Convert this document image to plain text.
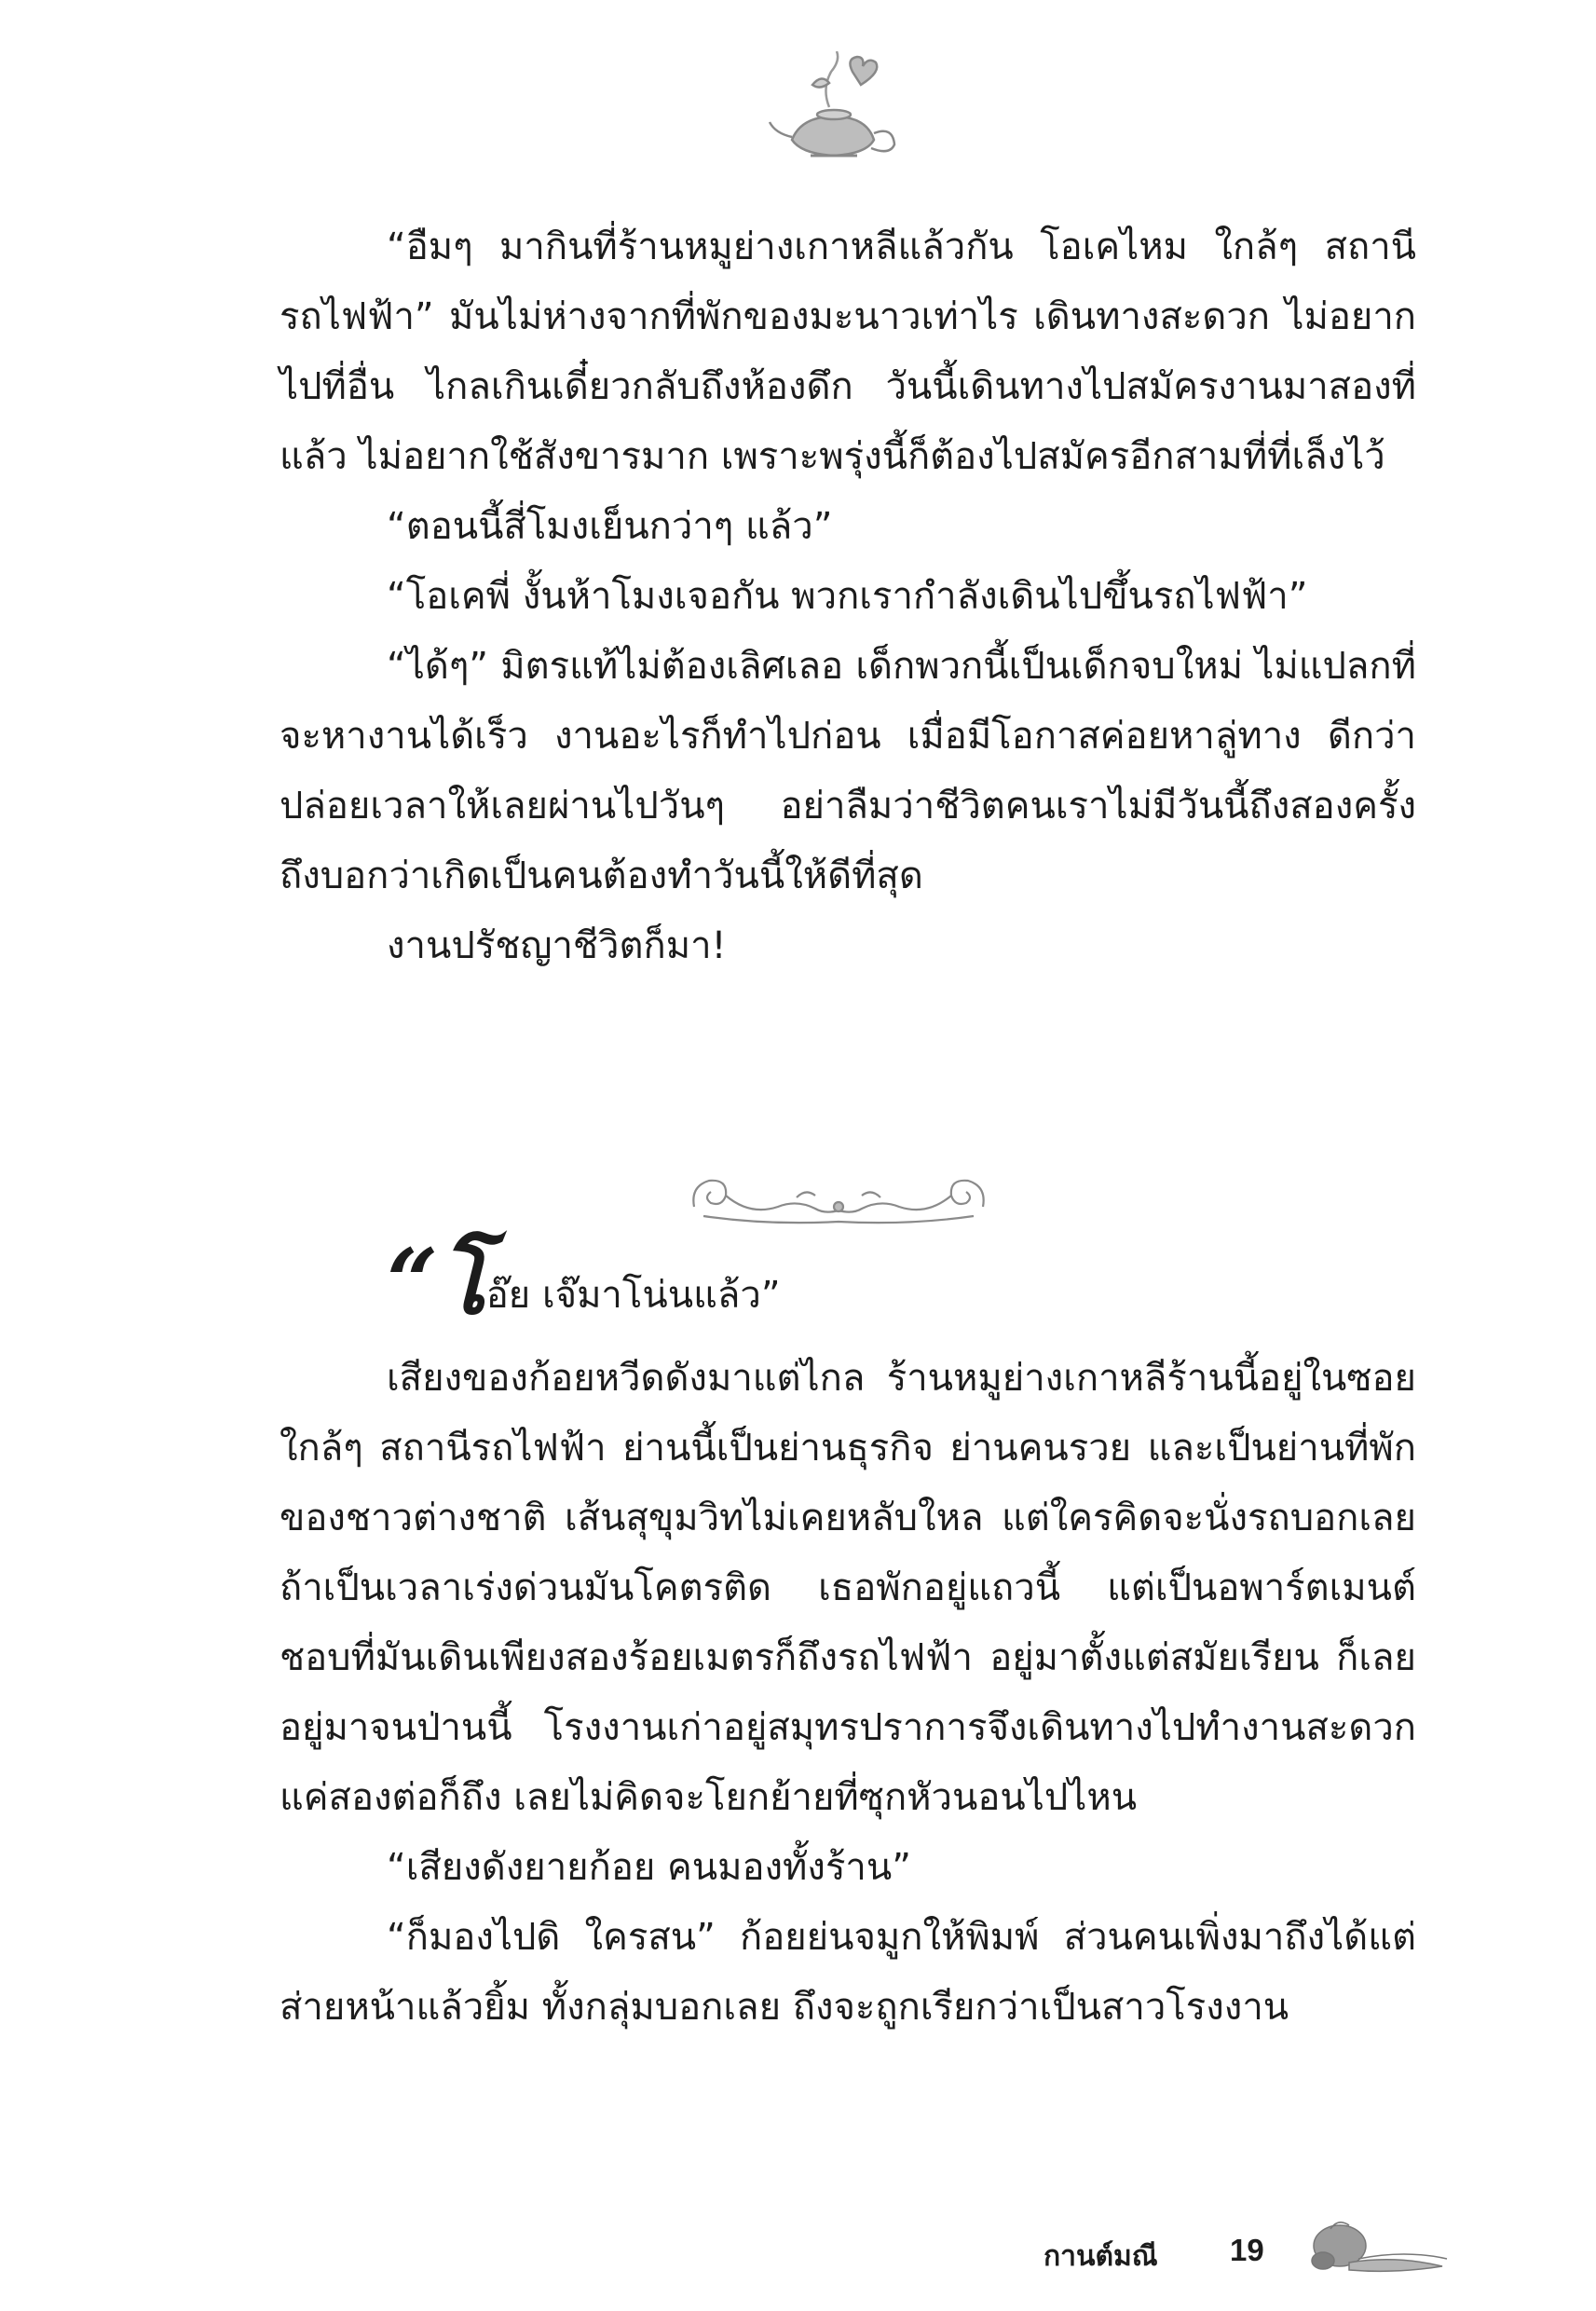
“อืมๆ มากินที่ร้านหมูย่างเกาหลีแล้วกัน โอเคไหม ใกล้ๆ สถานีรถไฟฟ้า” มันไม่ห่างจากที่พักของมะนาวเท่าไร เดินทางสะดวก ไม่อยากไปที่อื่น ไกลเกินเดี๋ยวกลับถึงห้องดึก วันนี้เดินทางไปสมัครงานมาสองที่แล้ว ไม่อยากใช้สังขารมาก เพราะพรุ่งนี้ก็ต้องไปสมัครอีกสามที่ที่เล็งไว้

“ตอนนี้สี่โมงเย็นกว่าๆ แล้ว”

“โอเคพี่ งั้นห้าโมงเจอกัน พวกเรากำลังเดินไปขึ้นรถไฟฟ้า”

“ได้ๆ” มิตรแท้ไม่ต้องเลิศเลอ เด็กพวกนี้เป็นเด็กจบใหม่ ไม่แปลกที่จะหางานได้เร็ว งานอะไรก็ทำไปก่อน เมื่อมีโอกาสค่อยหาลู่ทาง ดีกว่าปล่อยเวลาให้เลยผ่านไปวันๆ อย่าลืมว่าชีวิตคนเราไม่มีวันนี้ถึงสองครั้ง ถึงบอกว่าเกิดเป็นคนต้องทำวันนี้ให้ดีที่สุด

งานปรัชญาชีวิตก็มา!

“โอ๊ย เจ๊มาโน่นแล้ว”

เสียงของก้อยหวีดดังมาแต่ไกล ร้านหมูย่างเกาหลีร้านนี้อยู่ในซอยใกล้ๆ สถานีรถไฟฟ้า ย่านนี้เป็นย่านธุรกิจ ย่านคนรวย และเป็นย่านที่พักของชาวต่างชาติ เส้นสุขุมวิทไม่เคยหลับใหล แต่ใครคิดจะนั่งรถบอกเลยถ้าเป็นเวลาเร่งด่วนมันโคตรติด เธอพักอยู่แถวนี้ แต่เป็นอพาร์ตเมนต์ ชอบที่มันเดินเพียงสองร้อยเมตรก็ถึงรถไฟฟ้า อยู่มาตั้งแต่สมัยเรียน ก็เลยอยู่มาจนป่านนี้ โรงงานเก่าอยู่สมุทรปราการจึงเดินทางไปทำงานสะดวก แค่สองต่อก็ถึง เลยไม่คิดจะโยกย้ายที่ซุกหัวนอนไปไหน

“เสียงดังยายก้อย คนมองทั้งร้าน”

“ก็มองไปดิ ใครสน” ก้อยย่นจมูกให้พิมพ์ ส่วนคนเพิ่งมาถึงได้แต่ส่ายหน้าแล้วยิ้ม ทั้งกลุ่มบอกเลย ถึงจะถูกเรียกว่าเป็นสาวโรงงาน

กานต์มณี 19
